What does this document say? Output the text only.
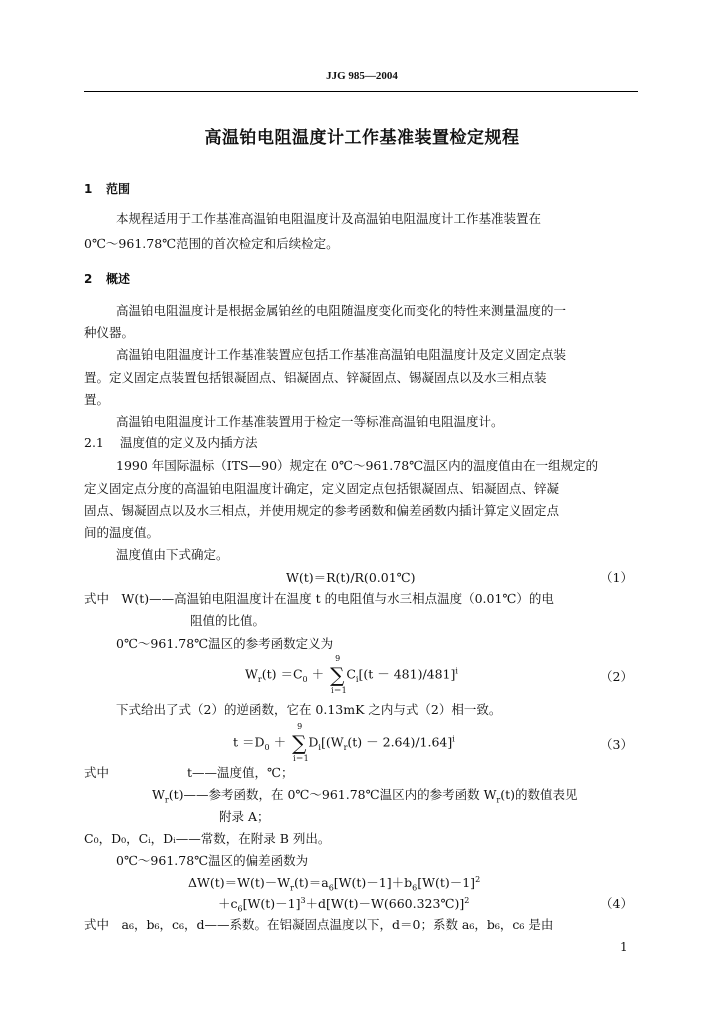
JJG 985—2004
高温铂电阻温度计工作基准装置检定规程
1 范围
本规程适用于工作基准高温铂电阻温度计及高温铂电阻温度计工作基准装置在
0℃～961.78℃范围的首次检定和后续检定。
2 概述
高温铂电阻温度计是根据金属铂丝的电阻随温度变化而变化的特性来测量温度的一
种仪器。
高温铂电阻温度计工作基准装置应包括工作基准高温铂电阻温度计及定义固定点装
置。定义固定点装置包括银凝固点、铝凝固点、锌凝固点、锡凝固点以及水三相点装
置。
高温铂电阻温度计工作基准装置用于检定一等标准高温铂电阻温度计。
2.1 温度值的定义及内插方法
1990 年国际温标（ITS—90）规定在 0℃～961.78℃温区内的温度值由在一组规定的
定义固定点分度的高温铂电阻温度计确定，定义固定点包括银凝固点、铝凝固点、锌凝
固点、锡凝固点以及水三相点，并使用规定的参考函数和偏差函数内插计算定义固定点
间的温度值。
温度值由下式确定。
W(t)＝R(t)/R(0.01℃)	（1）
式中　W(t)——高温铂电阻温度计在温度 t 的电阻值与水三相点温度（0.01℃）的电
阻值的比值。
0℃～961.78℃温区的参考函数定义为
$W_r(t) =C_0$ ＋ ∑
9
i＝1
$C_i[(t - 481)/481]^i$	（2）
下式给出了式（2）的逆函数，它在 0.13mK 之内与式（2）相一致。
$t =D_0$ ＋ ∑
9
i＝1
$D_i[(W_r(t) - 2.64)/1.64]^i$	（3）
式中	t——温度值，℃；
$W_r(t)——$参考函数，在 0℃～961.78℃温区内的参考函数 $W_r(t)$的数值表见
附录 A；
C₀，D₀，Cᵢ，Dᵢ——常数，在附录 B 列出。
0℃～961.78℃温区的偏差函数为
$\Delta W(t)=W(t)-W_r(t)=a_6[W(t)-1]+b_6[W(t)-1]^2$
$+c_6[W(t)-1]^3+d[W(t)-W(660.323℃)]^2$	（4）
式中　a₆，b₆，c₆，d——系数。在铝凝固点温度以下，d＝0；系数 a₆，b₆，c₆ 是由
1
